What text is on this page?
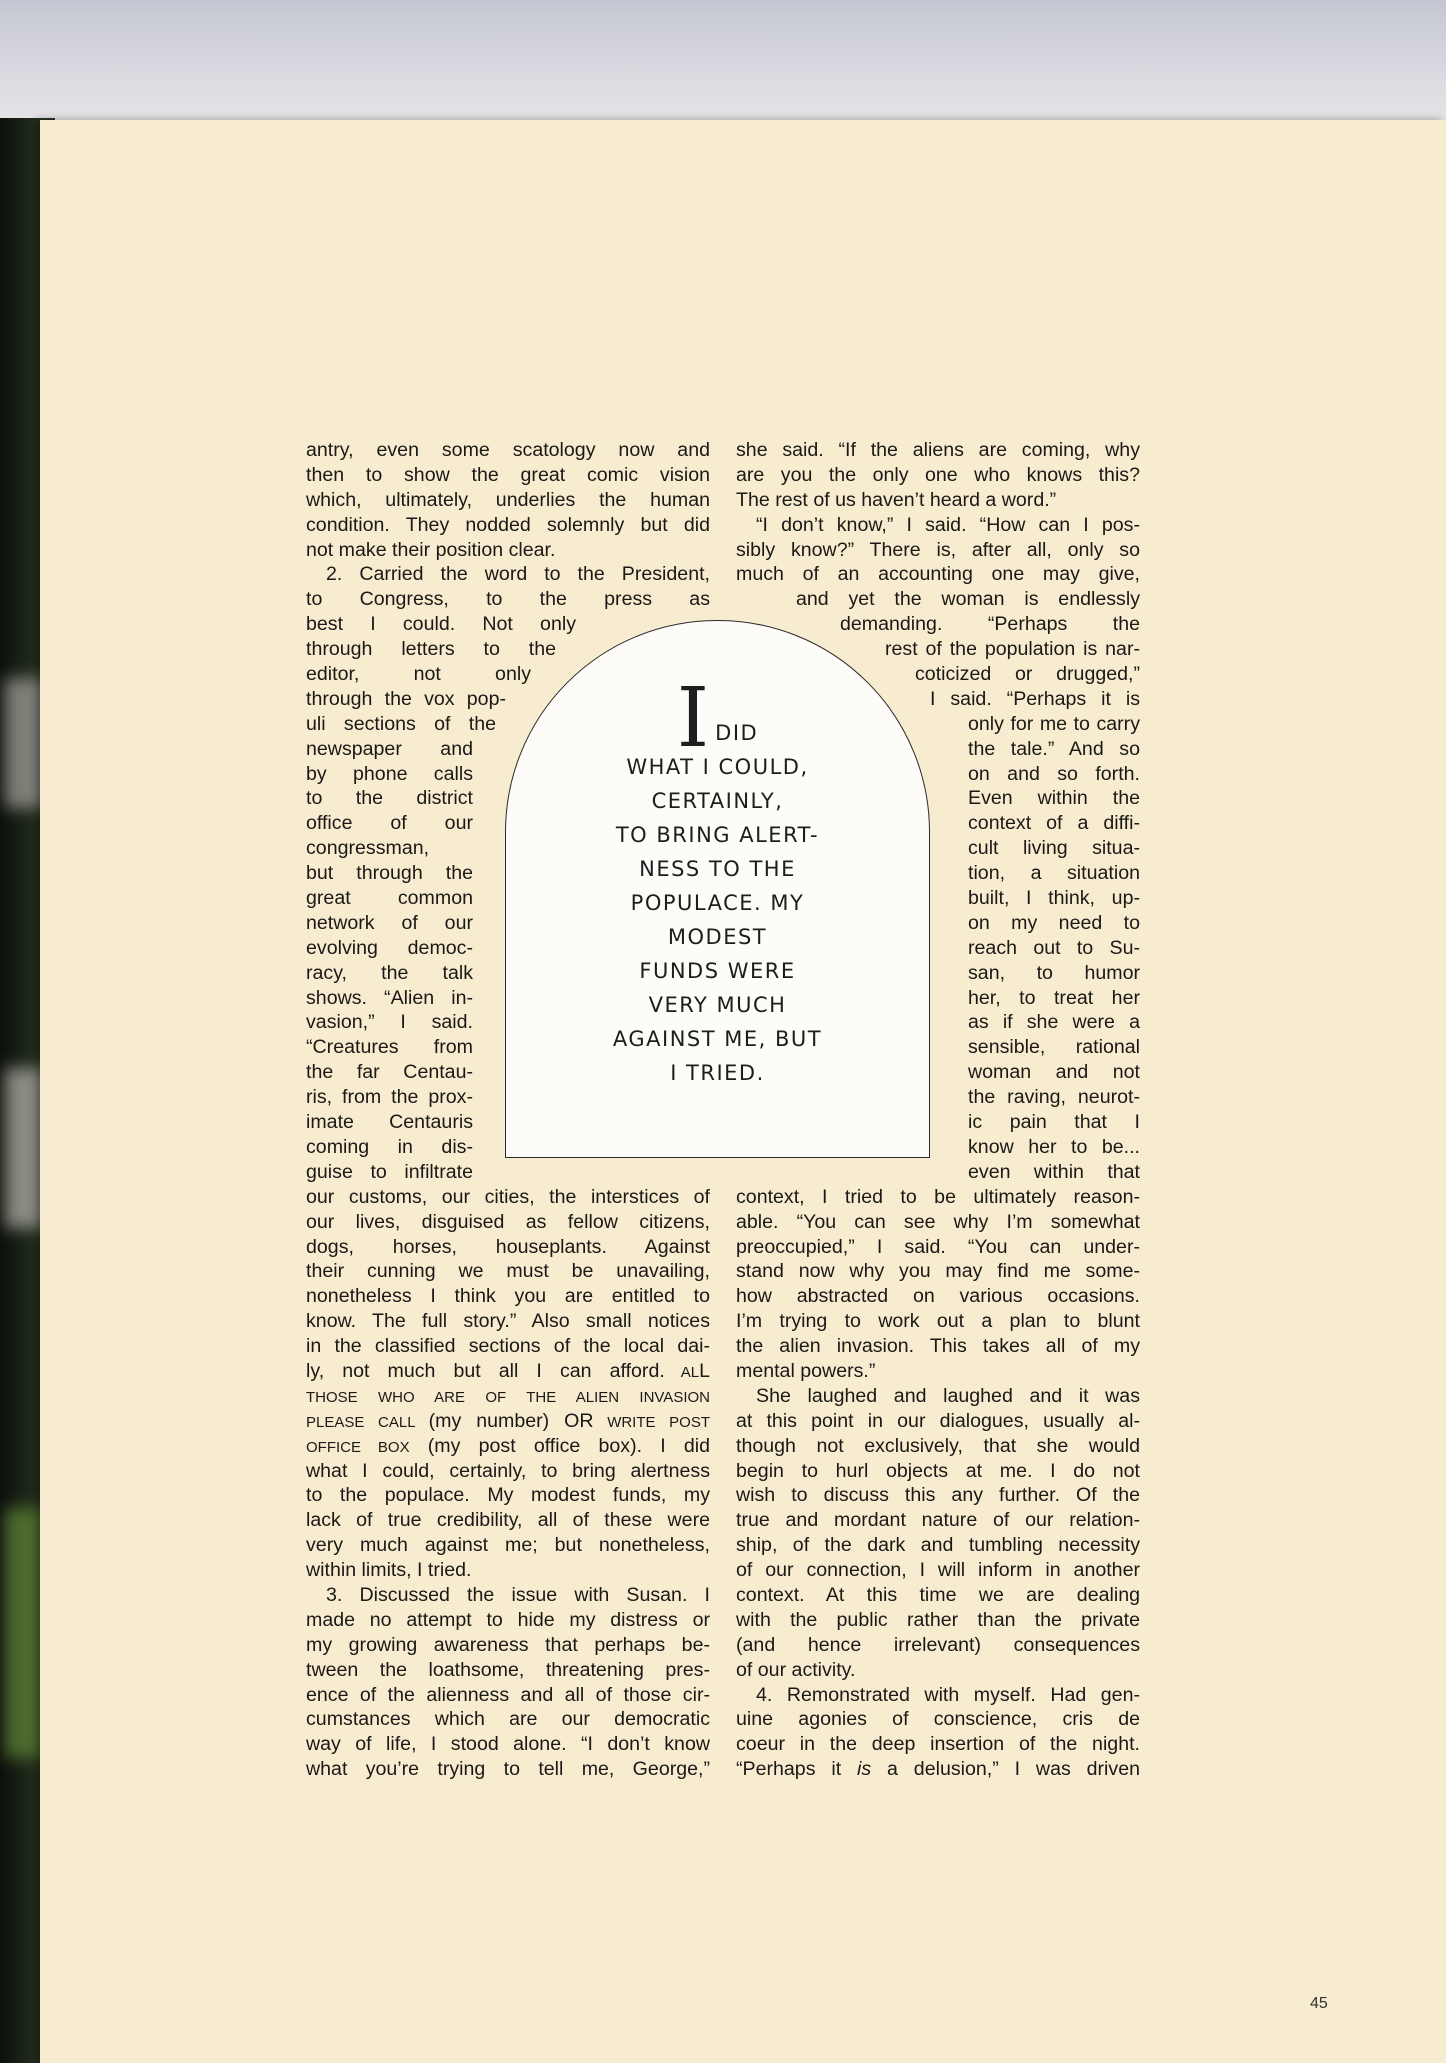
antry, even some scatology now and
then to show the great comic vision
which, ultimately, underlies the human
condition. They nodded solemnly but did
not make their position clear.
2. Carried the word to the President,
to Congress, to the press as
best I could. Not only
through letters to the
editor, not only
through the vox pop-
uli sections of the
newspaper and
by phone calls
to the district
office of our
congressman,
but through the
great common
network of our
evolving democ-
racy, the talk
shows. “Alien in-
vasion,” I said.
“Creatures from
the far Centau-
ris, from the prox-
imate Centauris
coming in dis-
guise to infiltrate
our customs, our cities, the interstices of
our lives, disguised as fellow citizens,
dogs, horses, houseplants. Against
their cunning we must be unavailing,
nonetheless I think you are entitled to
know. The full story.” Also small notices
in the classified sections of the local dai-
ly, not much but all I can afford. ALL
THOSE WHO ARE OF THE ALIEN INVASION
PLEASE CALL (my number) OR WRITE POST
OFFICE BOX (my post office box). I did
what I could, certainly, to bring alertness
to the populace. My modest funds, my
lack of true credibility, all of these were
very much against me; but nonetheless,
within limits, I tried.
3. Discussed the issue with Susan. I
made no attempt to hide my distress or
my growing awareness that perhaps be-
tween the loathsome, threatening pres-
ence of the alienness and all of those cir-
cumstances which are our democratic
way of life, I stood alone. “I don’t know
what you’re trying to tell me, George,”
she said. “If the aliens are coming, why
are you the only one who knows this?
The rest of us haven’t heard a word.”
“I don’t know,” I said. “How can I pos-
sibly know?” There is, after all, only so
much of an accounting one may give,
and yet the woman is endlessly
demanding. “Perhaps the
rest of the population is nar-
coticized or drugged,”
I said. “Perhaps it is
only for me to carry
the tale.” And so
on and so forth.
Even within the
context of a diffi-
cult living situa-
tion, a situation
built, I think, up-
on my need to
reach out to Su-
san, to humor
her, to treat her
as if she were a
sensible, rational
woman and not
the raving, neurot-
ic pain that I
know her to be...
even within that
context, I tried to be ultimately reason-
able. “You can see why I’m somewhat
preoccupied,” I said. “You can under-
stand now why you may find me some-
how abstracted on various occasions.
I’m trying to work out a plan to blunt
the alien invasion. This takes all of my
mental powers.”
She laughed and laughed and it was
at this point in our dialogues, usually al-
though not exclusively, that she would
begin to hurl objects at me. I do not
wish to discuss this any further. Of the
true and mordant nature of our relation-
ship, of the dark and tumbling necessity
of our connection, I will inform in another
context. At this time we are dealing
with the public rather than the private
(and hence irrelevant) consequences
of our activity.
4. Remonstrated with myself. Had gen-
uine agonies of conscience, cris de
coeur in the deep insertion of the night.
“Perhaps it is a delusion,” I was driven
IDID
WHAT I COULD,
CERTAINLY,
TO BRING ALERT-
NESS TO THE
POPULACE. MY
MODEST
FUNDS WERE
VERY MUCH
AGAINST ME, BUT
I TRIED.
45
